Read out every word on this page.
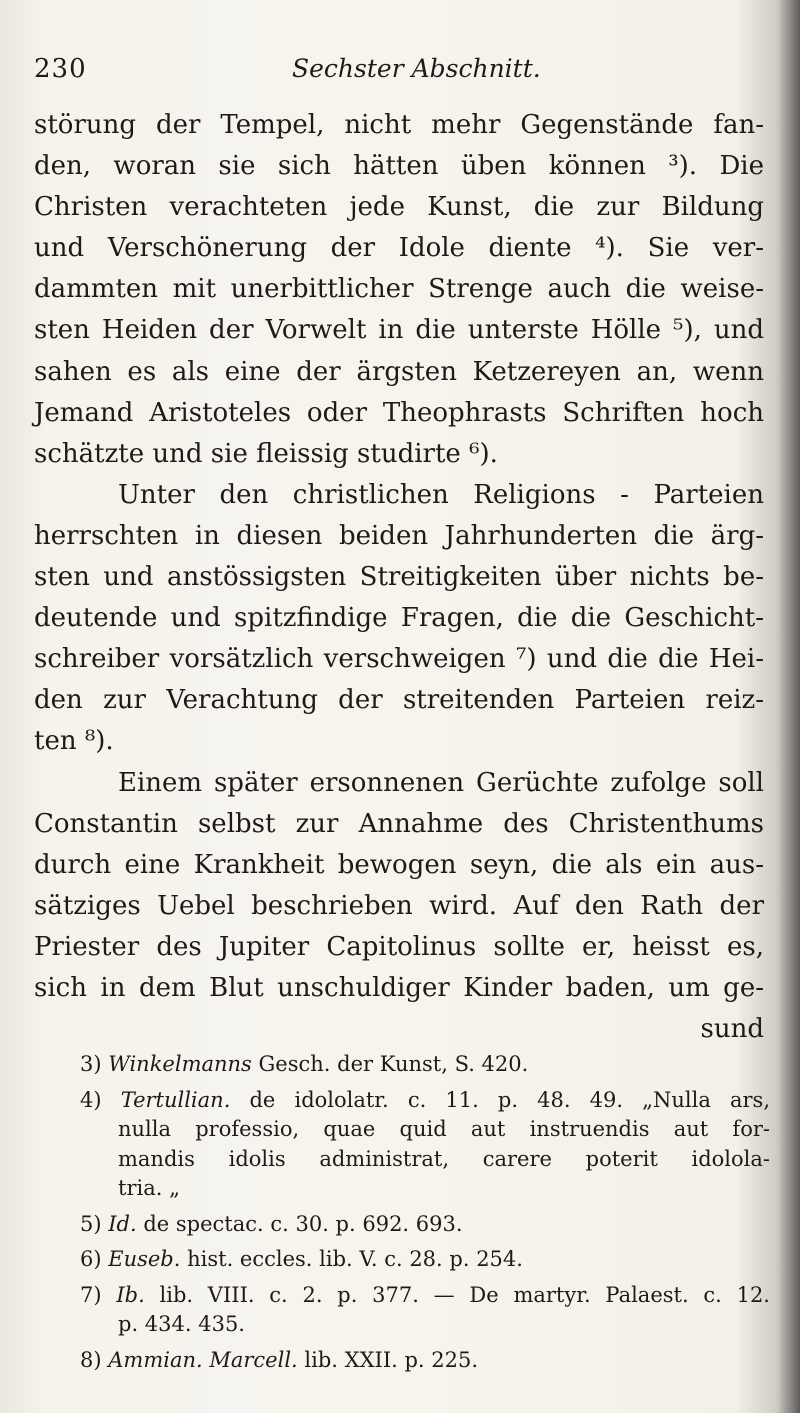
230	Sechster Abschnitt.
störung der Tempel, nicht mehr Gegenstände fan-
den, woran sie sich hätten üben können ³). Die
Christen verachteten jede Kunst, die zur Bildung
und Verschönerung der Idole diente ⁴). Sie ver-
dammten mit unerbittlicher Strenge auch die weise-
sten Heiden der Vorwelt in die unterste Hölle ⁵), und
sahen es als eine der ärgsten Ketzereyen an, wenn
Jemand Aristoteles oder Theophrasts Schriften hoch
schätzte und sie fleissig studirte ⁶).
Unter den christlichen Religions - Parteien
herrschten in diesen beiden Jahrhunderten die ärg-
sten und anstössigsten Streitigkeiten über nichts be-
deutende und spitzfindige Fragen, die die Geschicht-
schreiber vorsätzlich verschweigen ⁷) und die die Hei-
den zur Verachtung der streitenden Parteien reiz-
ten ⁸).
Einem später ersonnenen Gerüchte zufolge soll
Constantin selbst zur Annahme des Christenthums
durch eine Krankheit bewogen seyn, die als ein aus-
sätziges Uebel beschrieben wird. Auf den Rath der
Priester des Jupiter Capitolinus sollte er, heisst es,
sich in dem Blut unschuldiger Kinder baden, um ge-
sund
3) Winkelmanns Gesch. der Kunst, S. 420.
4) Tertullian. de idololatr. c. 11. p. 48. 49. „Nulla ars,
nulla professio, quae quid aut instruendis aut for-
mandis idolis administrat, carere poterit idolola-
tria. „
5) Id. de spectac. c. 30. p. 692. 693.
6) Euseb. hist. eccles. lib. V. c. 28. p. 254.
7) Ib. lib. VIII. c. 2. p. 377. — De martyr. Palaest. c. 12.
p. 434. 435.
8) Ammian. Marcell. lib. XXII. p. 225.
